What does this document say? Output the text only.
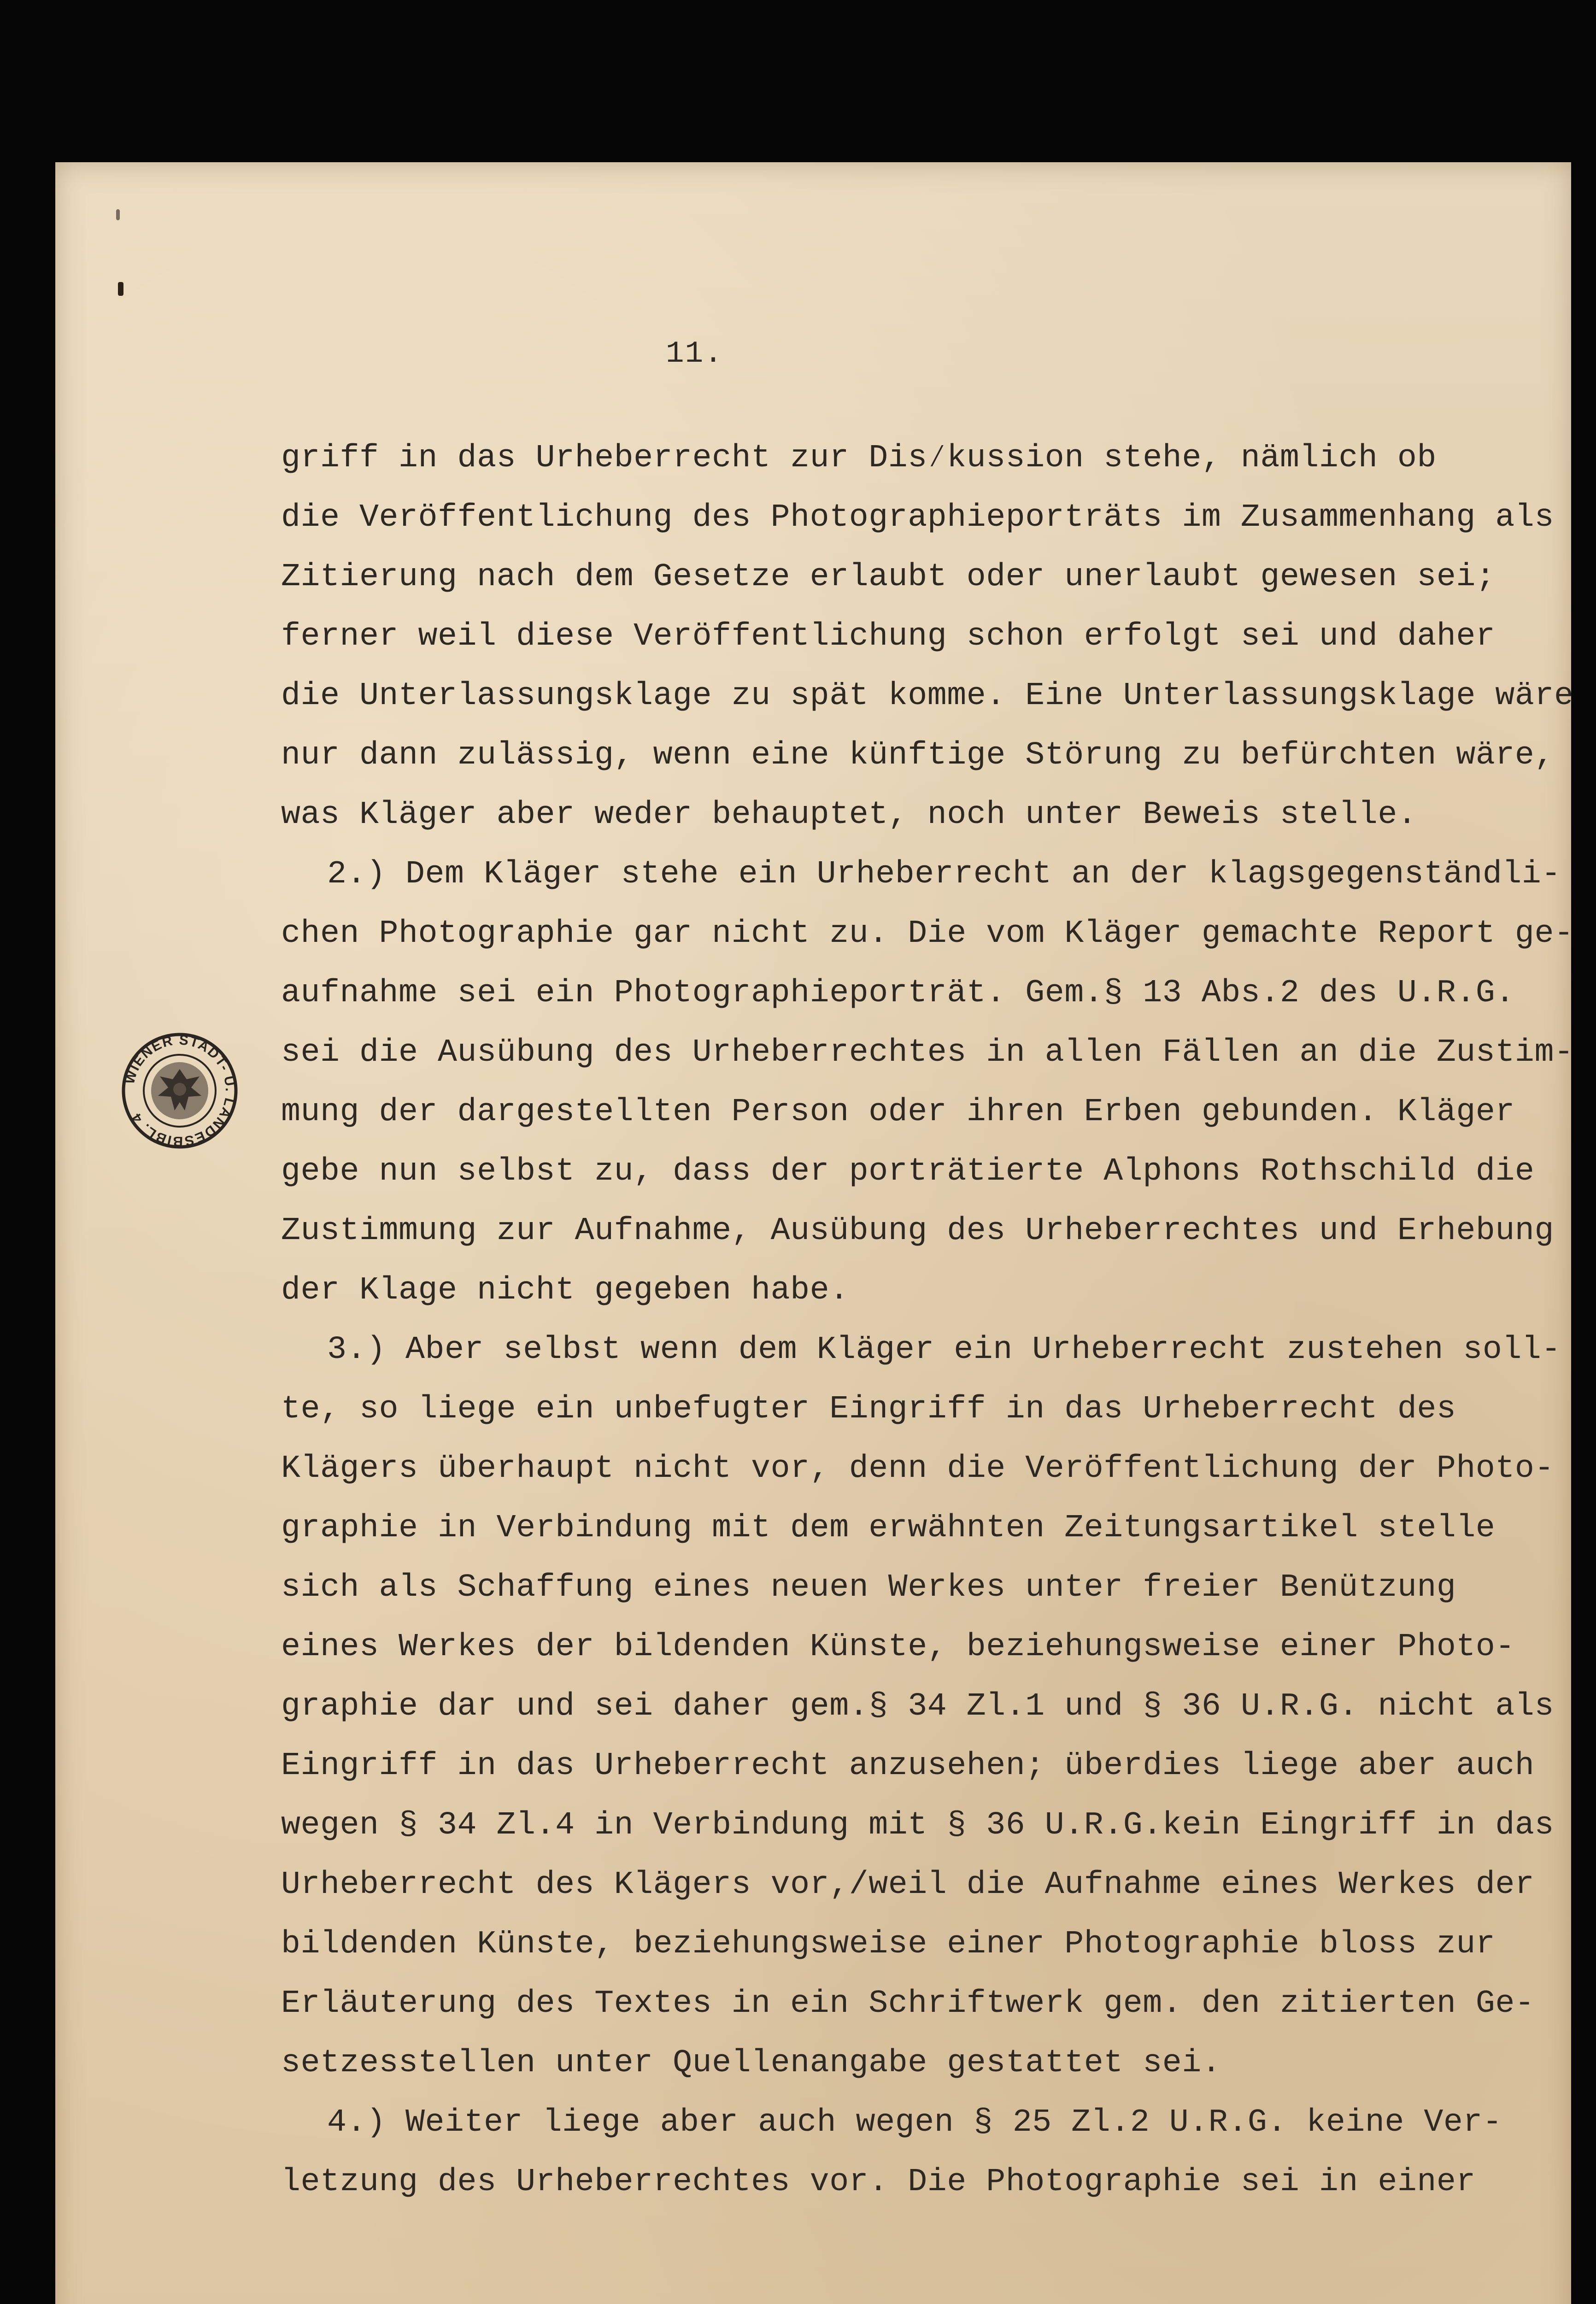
11.
griff in das Urheberrecht zur Dis⁄kussion stehe, nämlich ob
die Veröffentlichung des Photographieporträts im Zusammenhang als
Zitierung nach dem Gesetze erlaubt oder unerlaubt gewesen sei;
ferner weil diese Veröffentlichung schon erfolgt sei und daher
die Unterlassungsklage zu spät komme. Eine Unterlassungsklage wäre
nur dann zulässig, wenn eine künftige Störung zu befürchten wäre,
was Kläger aber weder behauptet, noch unter Beweis stelle.
2.) Dem Kläger stehe ein Urheberrecht an der klagsgegenständli-
chen Photographie gar nicht zu. Die vom Kläger gemachte Report ge-
aufnahme sei ein Photographieporträt. Gem.§ 13 Abs.2 des U.R.G.
sei die Ausübung des Urheberrechtes in allen Fällen an die Zustim-
mung der dargestellten Person oder ihren Erben gebunden. Kläger
gebe nun selbst zu, dass der porträtierte Alphons Rothschild die
Zustimmung zur Aufnahme, Ausübung des Urheberrechtes und Erhebung
der Klage nicht gegeben habe.
3.) Aber selbst wenn dem Kläger ein Urheberrecht zustehen soll-
te, so liege ein unbefugter Eingriff in das Urheberrecht des
Klägers überhaupt nicht vor, denn die Veröffentlichung der Photo-
graphie in Verbindung mit dem erwähnten Zeitungsartikel stelle
sich als Schaffung eines neuen Werkes unter freier Benützung
eines Werkes der bildenden Künste, beziehungsweise einer Photo-
graphie dar und sei daher gem.§ 34 Zl.1 und § 36 U.R.G. nicht als
Eingriff in das Urheberrecht anzusehen; überdies liege aber auch
wegen § 34 Zl.4 in Verbindung mit § 36 U.R.G.kein Eingriff in das
Urheberrecht des Klägers vor,/weil die Aufnahme eines Werkes der
bildenden Künste, beziehungsweise einer Photographie bloss zur
Erläuterung des Textes in ein Schriftwerk gem. den zitierten Ge-
setzesstellen unter Quellenangabe gestattet sei.
4.) Weiter liege aber auch wegen § 25 Zl.2 U.R.G. keine Ver-
letzung des Urheberrechtes vor. Die Photographie sei in einer
WIENER STADT- U. LANDESBIBL. 4
